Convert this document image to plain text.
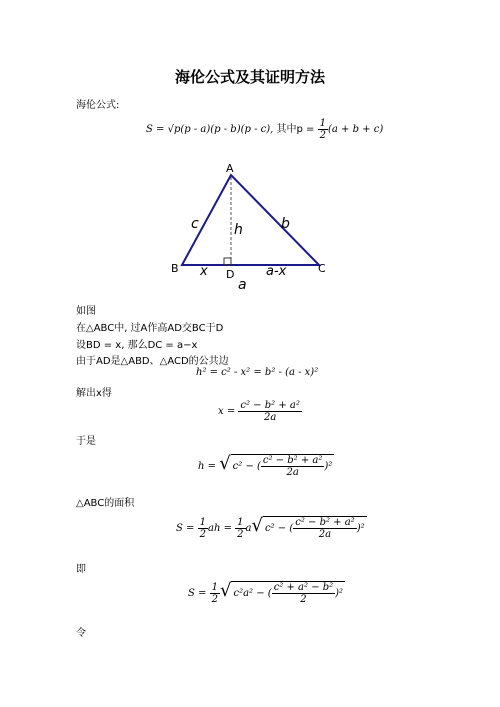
海伦公式及其证明方法
海伦公式:
S = √p(p - a)(p - b)(p - c), 其中$p = \frac{1}{2} (a + b + c)$
A
B	C
D
c	b
h
x	a-x
a
如图
在△ABC中, 过A作高AD交BC于D
设BD = x, 那么DC = a−x
由于AD是△ABD、△ACD的公共边
h² = c² - x² = b² - (a - x)²
解出x得
$x = \frac{\text{c² − b² + a²}}{2a}$
于是
h = √ c² − ( $\frac{\text{c² − b² + a²}}{2a} )^2$
△ABC的面积
$S = \frac{1}{2}$ ah = $\frac{1}{2} a√$ c² − ( $\frac{\text{c² − b² + a²}}{2a} )^2$
即
$S = \frac{1}{2}$ √ c²a² − ( $\frac{\text{c² + a² − b²}}{2} )^2$
令
